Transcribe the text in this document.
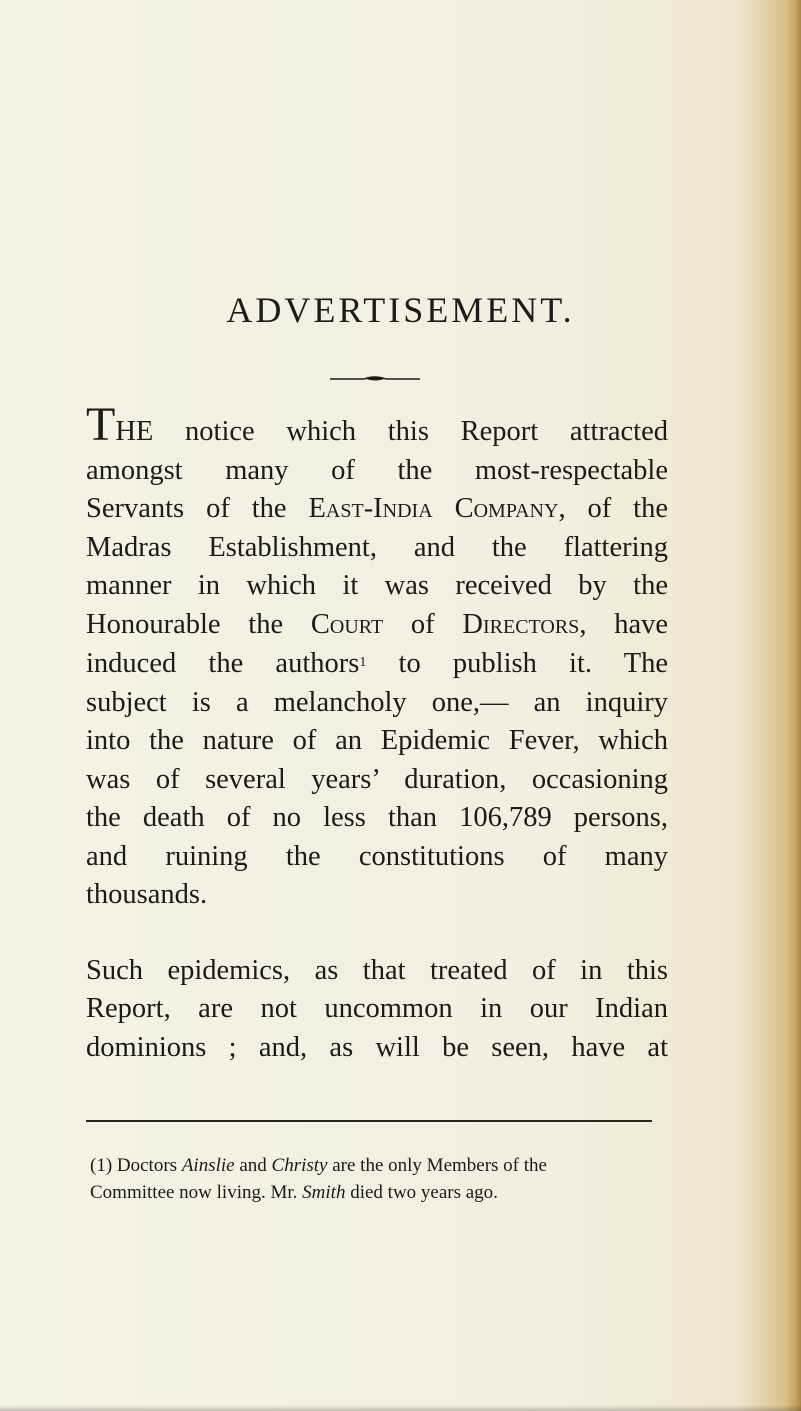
ADVERTISEMENT.
THE notice which this Report attracted
amongst many of the most-respectable
Servants of the East-India Company, of the
Madras Establishment, and the flattering
manner in which it was received by the
Honourable the Court of Directors, have
induced the authors$^1$ to publish it. The
subject is a melancholy one,— an inquiry
into the nature of an Epidemic Fever, which
was of several years’ duration, occasioning
the death of no less than 106,789 persons,
and ruining the constitutions of many
thousands.
Such epidemics, as that treated of in this
Report, are not uncommon in our Indian
dominions ; and, as will be seen, have at
(1) Doctors Ainslie and Christy are the only Members of the
Committee now living. Mr. Smith died two years ago.
